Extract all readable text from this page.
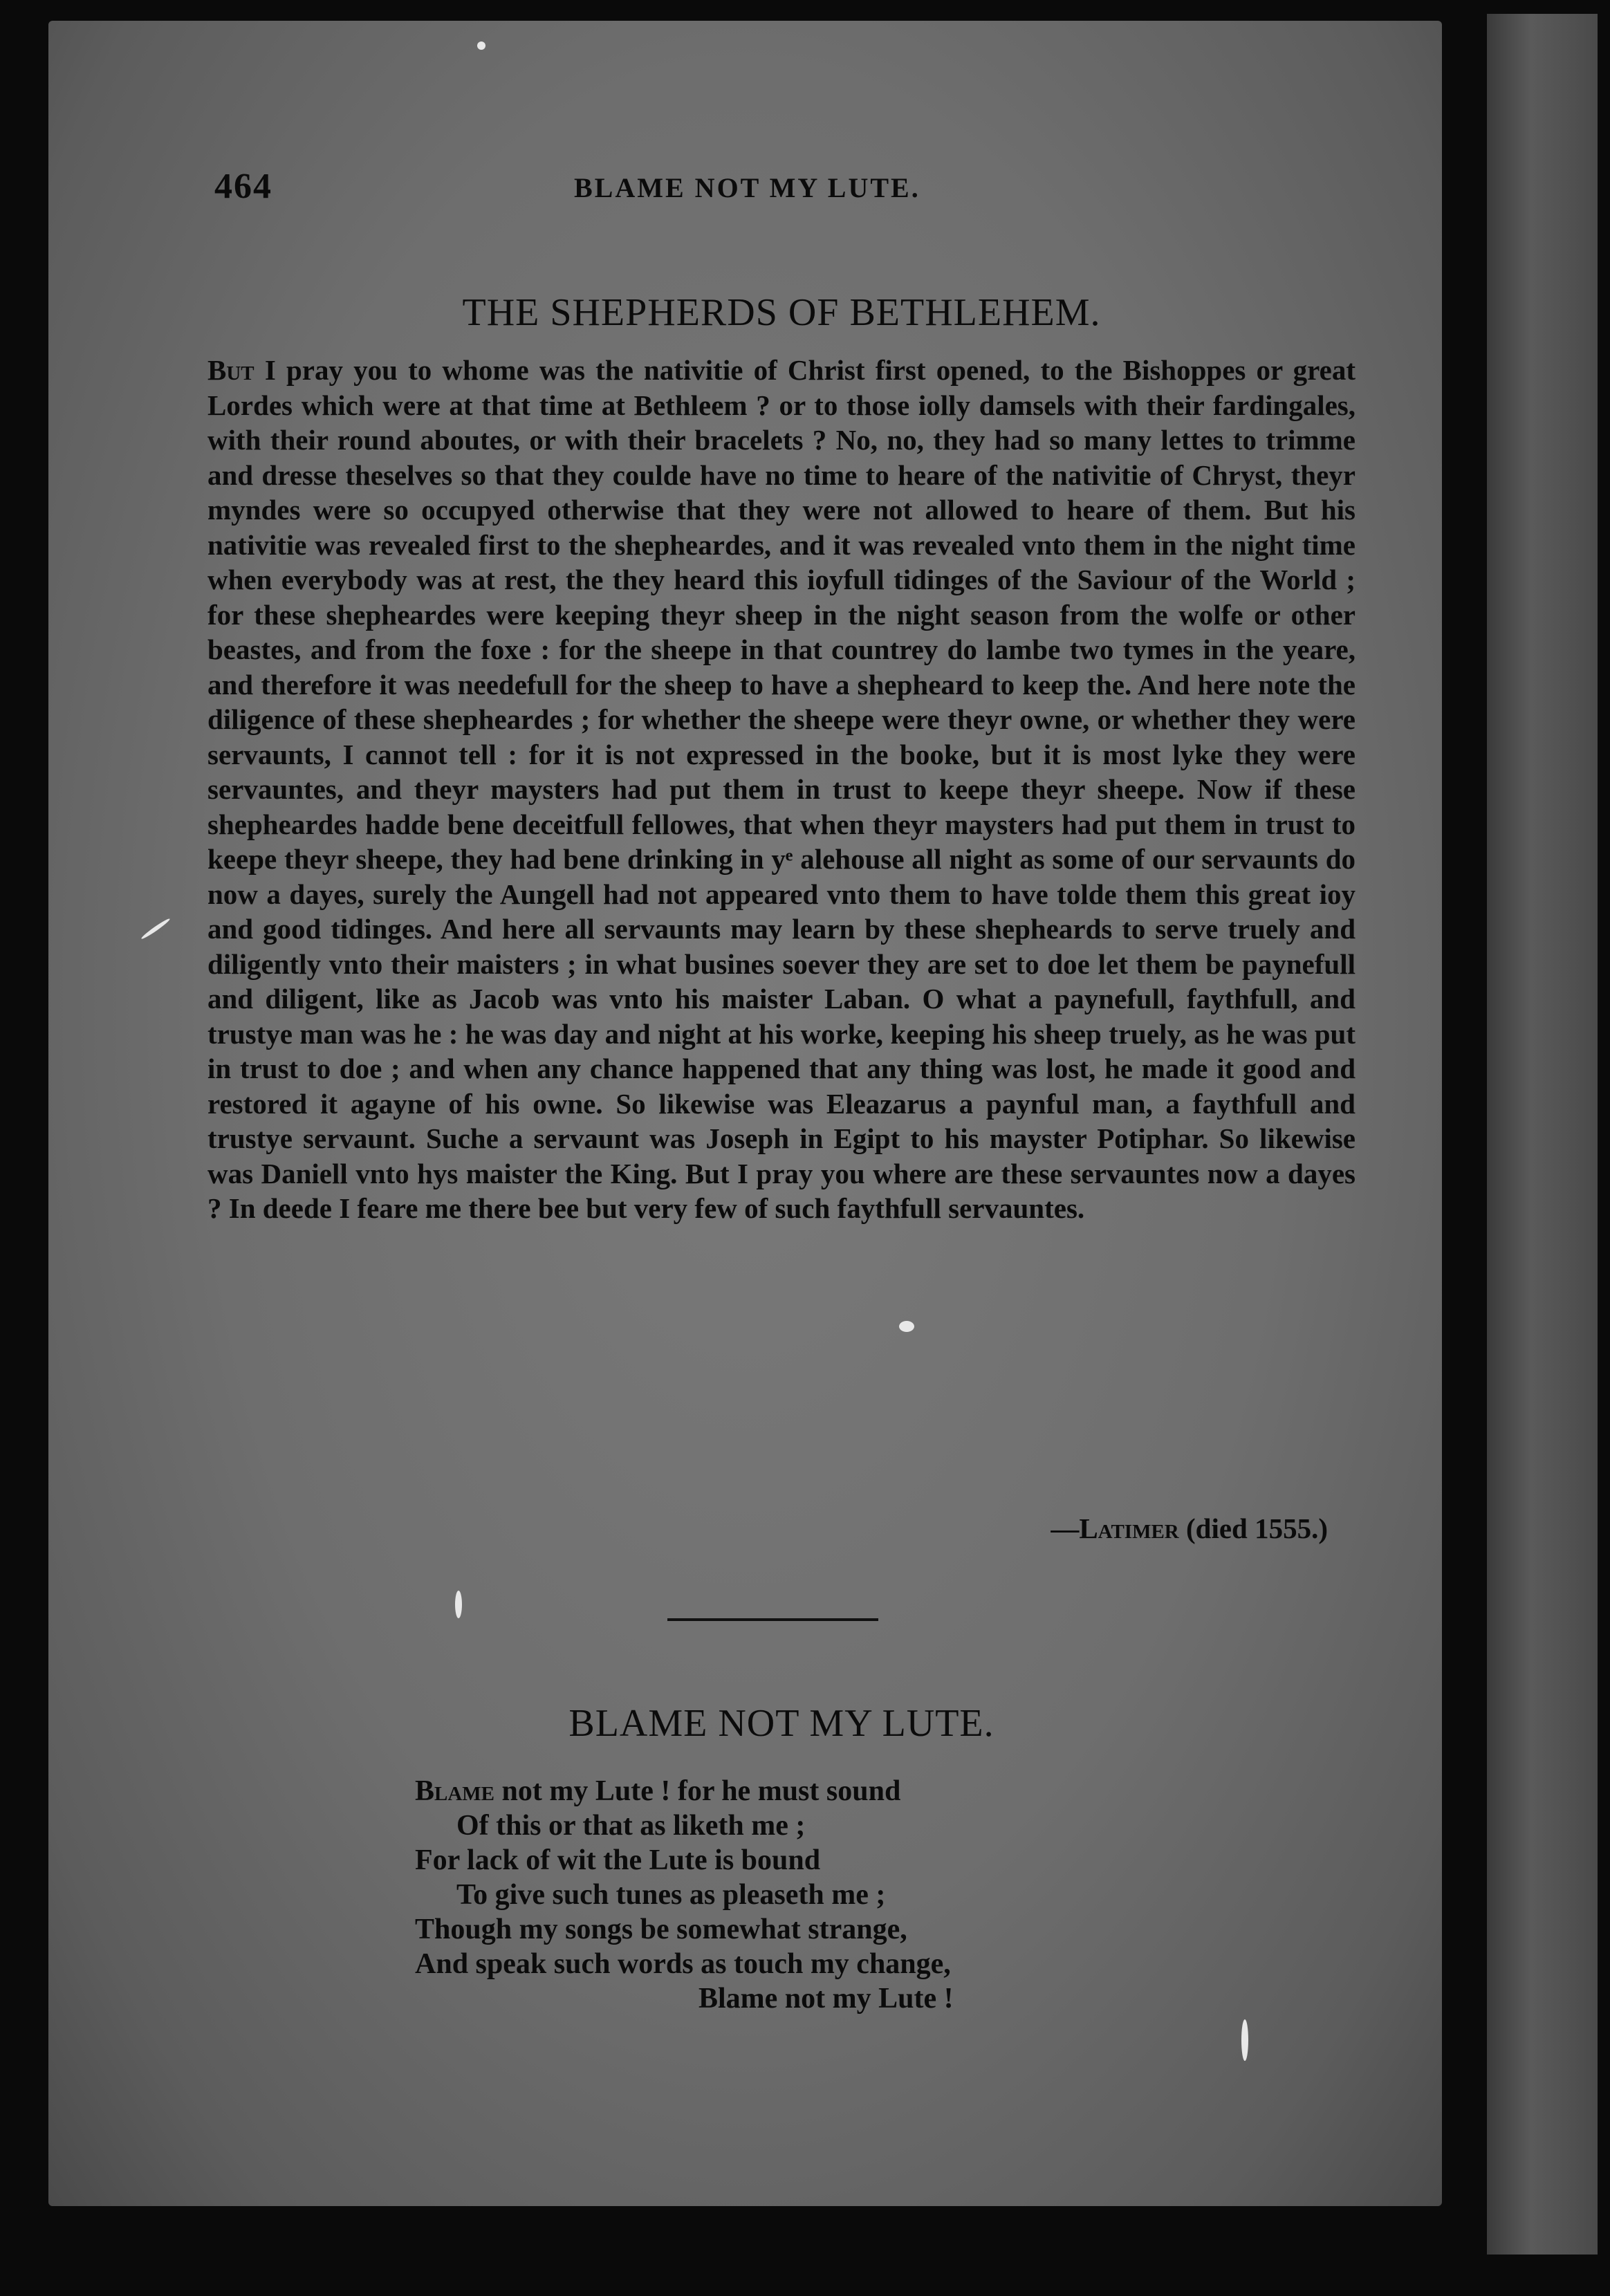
464	BLAME NOT MY LUTE.
THE SHEPHERDS OF BETHLEHEM.

But I pray you to whome was the nativitie of Christ first opened, to the Bishoppes or great Lordes which were at that time at Bethleem ? or to those iolly damsels with their fardingales, with their round aboutes, or with their bracelets ? No, no, they had so many lettes to trimme and dresse theselves so that they coulde have no time to heare of the nativitie of Chryst, theyr myndes were so occupyed otherwise that they were not allowed to heare of them. But his nativitie was revealed first to the shepheardes, and it was revealed vnto them in the night time when everybody was at rest, the they heard this ioyfull tidinges of the Saviour of the World ; for these shepheardes were keeping theyr sheep in the night season from the wolfe or other beastes, and from the foxe : for the sheepe in that countrey do lambe two tymes in the yeare, and therefore it was needefull for the sheep to have a shepheard to keep the. And here note the diligence of these shepheardes ; for whether the sheepe were theyr owne, or whether they were servaunts, I cannot tell : for it is not expressed in the booke, but it is most lyke they were servauntes, and theyr maysters had put them in trust to keepe theyr sheepe. Now if these shepheardes hadde bene deceitfull fellowes, that when theyr maysters had put them in trust to keepe theyr sheepe, they had bene drinking in yᵉ alehouse all night as some of our servaunts do now a dayes, surely the Aungell had not appeared vnto them to have tolde them this great ioy and good tidinges. And here all servaunts may learn by these shepheards to serve truely and diligently vnto their maisters ; in what busines soever they are set to doe let them be paynefull and diligent, like as Jacob was vnto his maister Laban. O what a paynefull, faythfull, and trustye man was he : he was day and night at his worke, keeping his sheep truely, as he was put in trust to doe ; and when any chance happened that any thing was lost, he made it good and restored it agayne of his owne. So likewise was Eleazarus a paynful man, a faythfull and trustye servaunt. Suche a servaunt was Joseph in Egipt to his mayster Potiphar. So likewise was Daniell vnto hys maister the King. But I pray you where are these servauntes now a dayes ? In deede I feare me there bee but very few of such faythfull servauntes.

—Latimer (died 1555.)
BLAME NOT MY LUTE.
Blame not my Lute ! for he must sound
Of this or that as liketh me ;
For lack of wit the Lute is bound
To give such tunes as pleaseth me ;
Though my songs be somewhat strange,
And speak such words as touch my change,
Blame not my Lute !
